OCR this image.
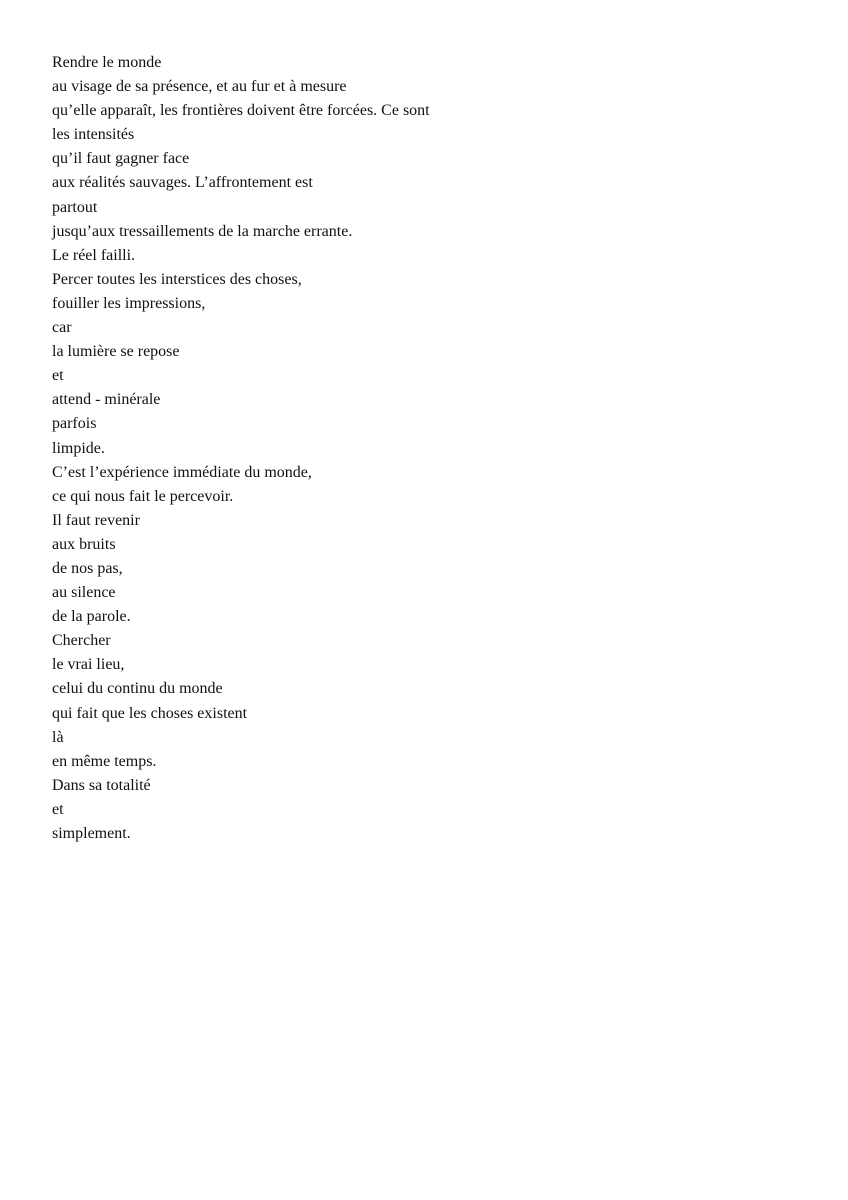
Rendre le monde
au visage de sa présence, et au fur et à mesure
qu’elle apparaît, les frontières doivent être forcées. Ce sont
les intensités
qu’il faut gagner face
aux réalités sauvages. L’affrontement est
partout
jusqu’aux tressaillements de la marche errante.
Le réel failli.
Percer toutes les interstices des choses,
fouiller les impressions,
car
la lumière se repose
et
attend - minérale
parfois
limpide.
C’est l’expérience immédiate du monde,
ce qui nous fait le percevoir.
Il faut revenir
aux bruits
de nos pas,
au silence
de la parole.
Chercher
le vrai lieu,
celui du continu du monde
qui fait que les choses existent
là
en même temps.
Dans sa totalité
et
simplement.
